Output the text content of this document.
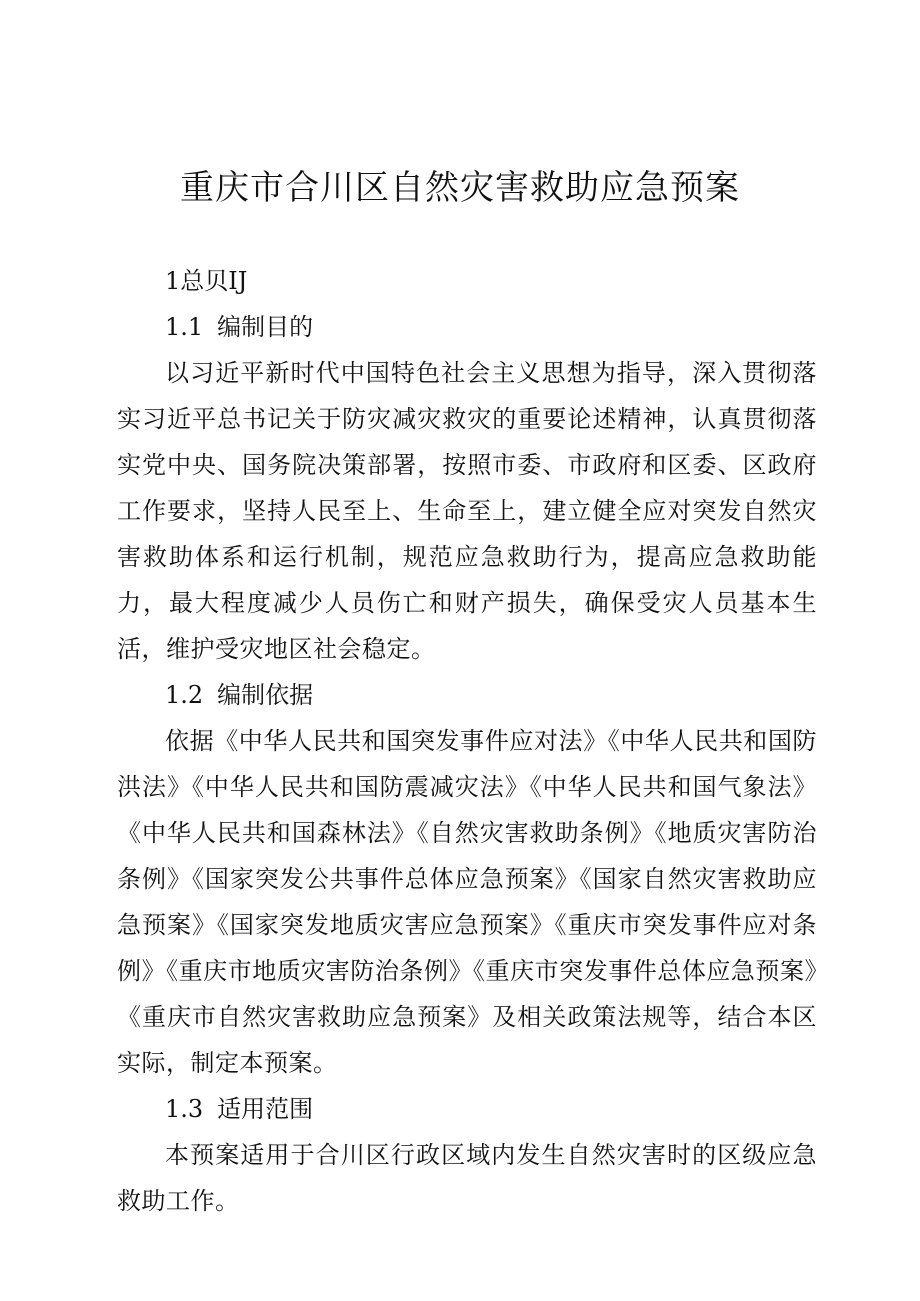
重庆市合川区自然灾害救助应急预案
1总贝IJ
1.1 编制目的

以习近平新时代中国特色社会主义思想为指导，深入贯彻落实习近平总书记关于防灾减灾救灾的重要论述精神，认真贯彻落实党中央、国务院决策部署，按照市委、市政府和区委、区政府工作要求，坚持人民至上、生命至上，建立健全应对突发自然灾害救助体系和运行机制，规范应急救助行为，提高应急救助能力，最大程度减少人员伤亡和财产损失，确保受灾人员基本生活，维护受灾地区社会稳定。

1.2 编制依据

依据《中华人民共和国突发事件应对法》《中华人民共和国防洪法》《中华人民共和国防震减灾法》《中华人民共和国气象法》《中华人民共和国森林法》《自然灾害救助条例》《地质灾害防治条例》《国家突发公共事件总体应急预案》《国家自然灾害救助应急预案》《国家突发地质灾害应急预案》《重庆市突发事件应对条例》《重庆市地质灾害防治条例》《重庆市突发事件总体应急预案》《重庆市自然灾害救助应急预案》及相关政策法规等，结合本区实际，制定本预案。

1.3 适用范围

本预案适用于合川区行政区域内发生自然灾害时的区级应急救助工作。
